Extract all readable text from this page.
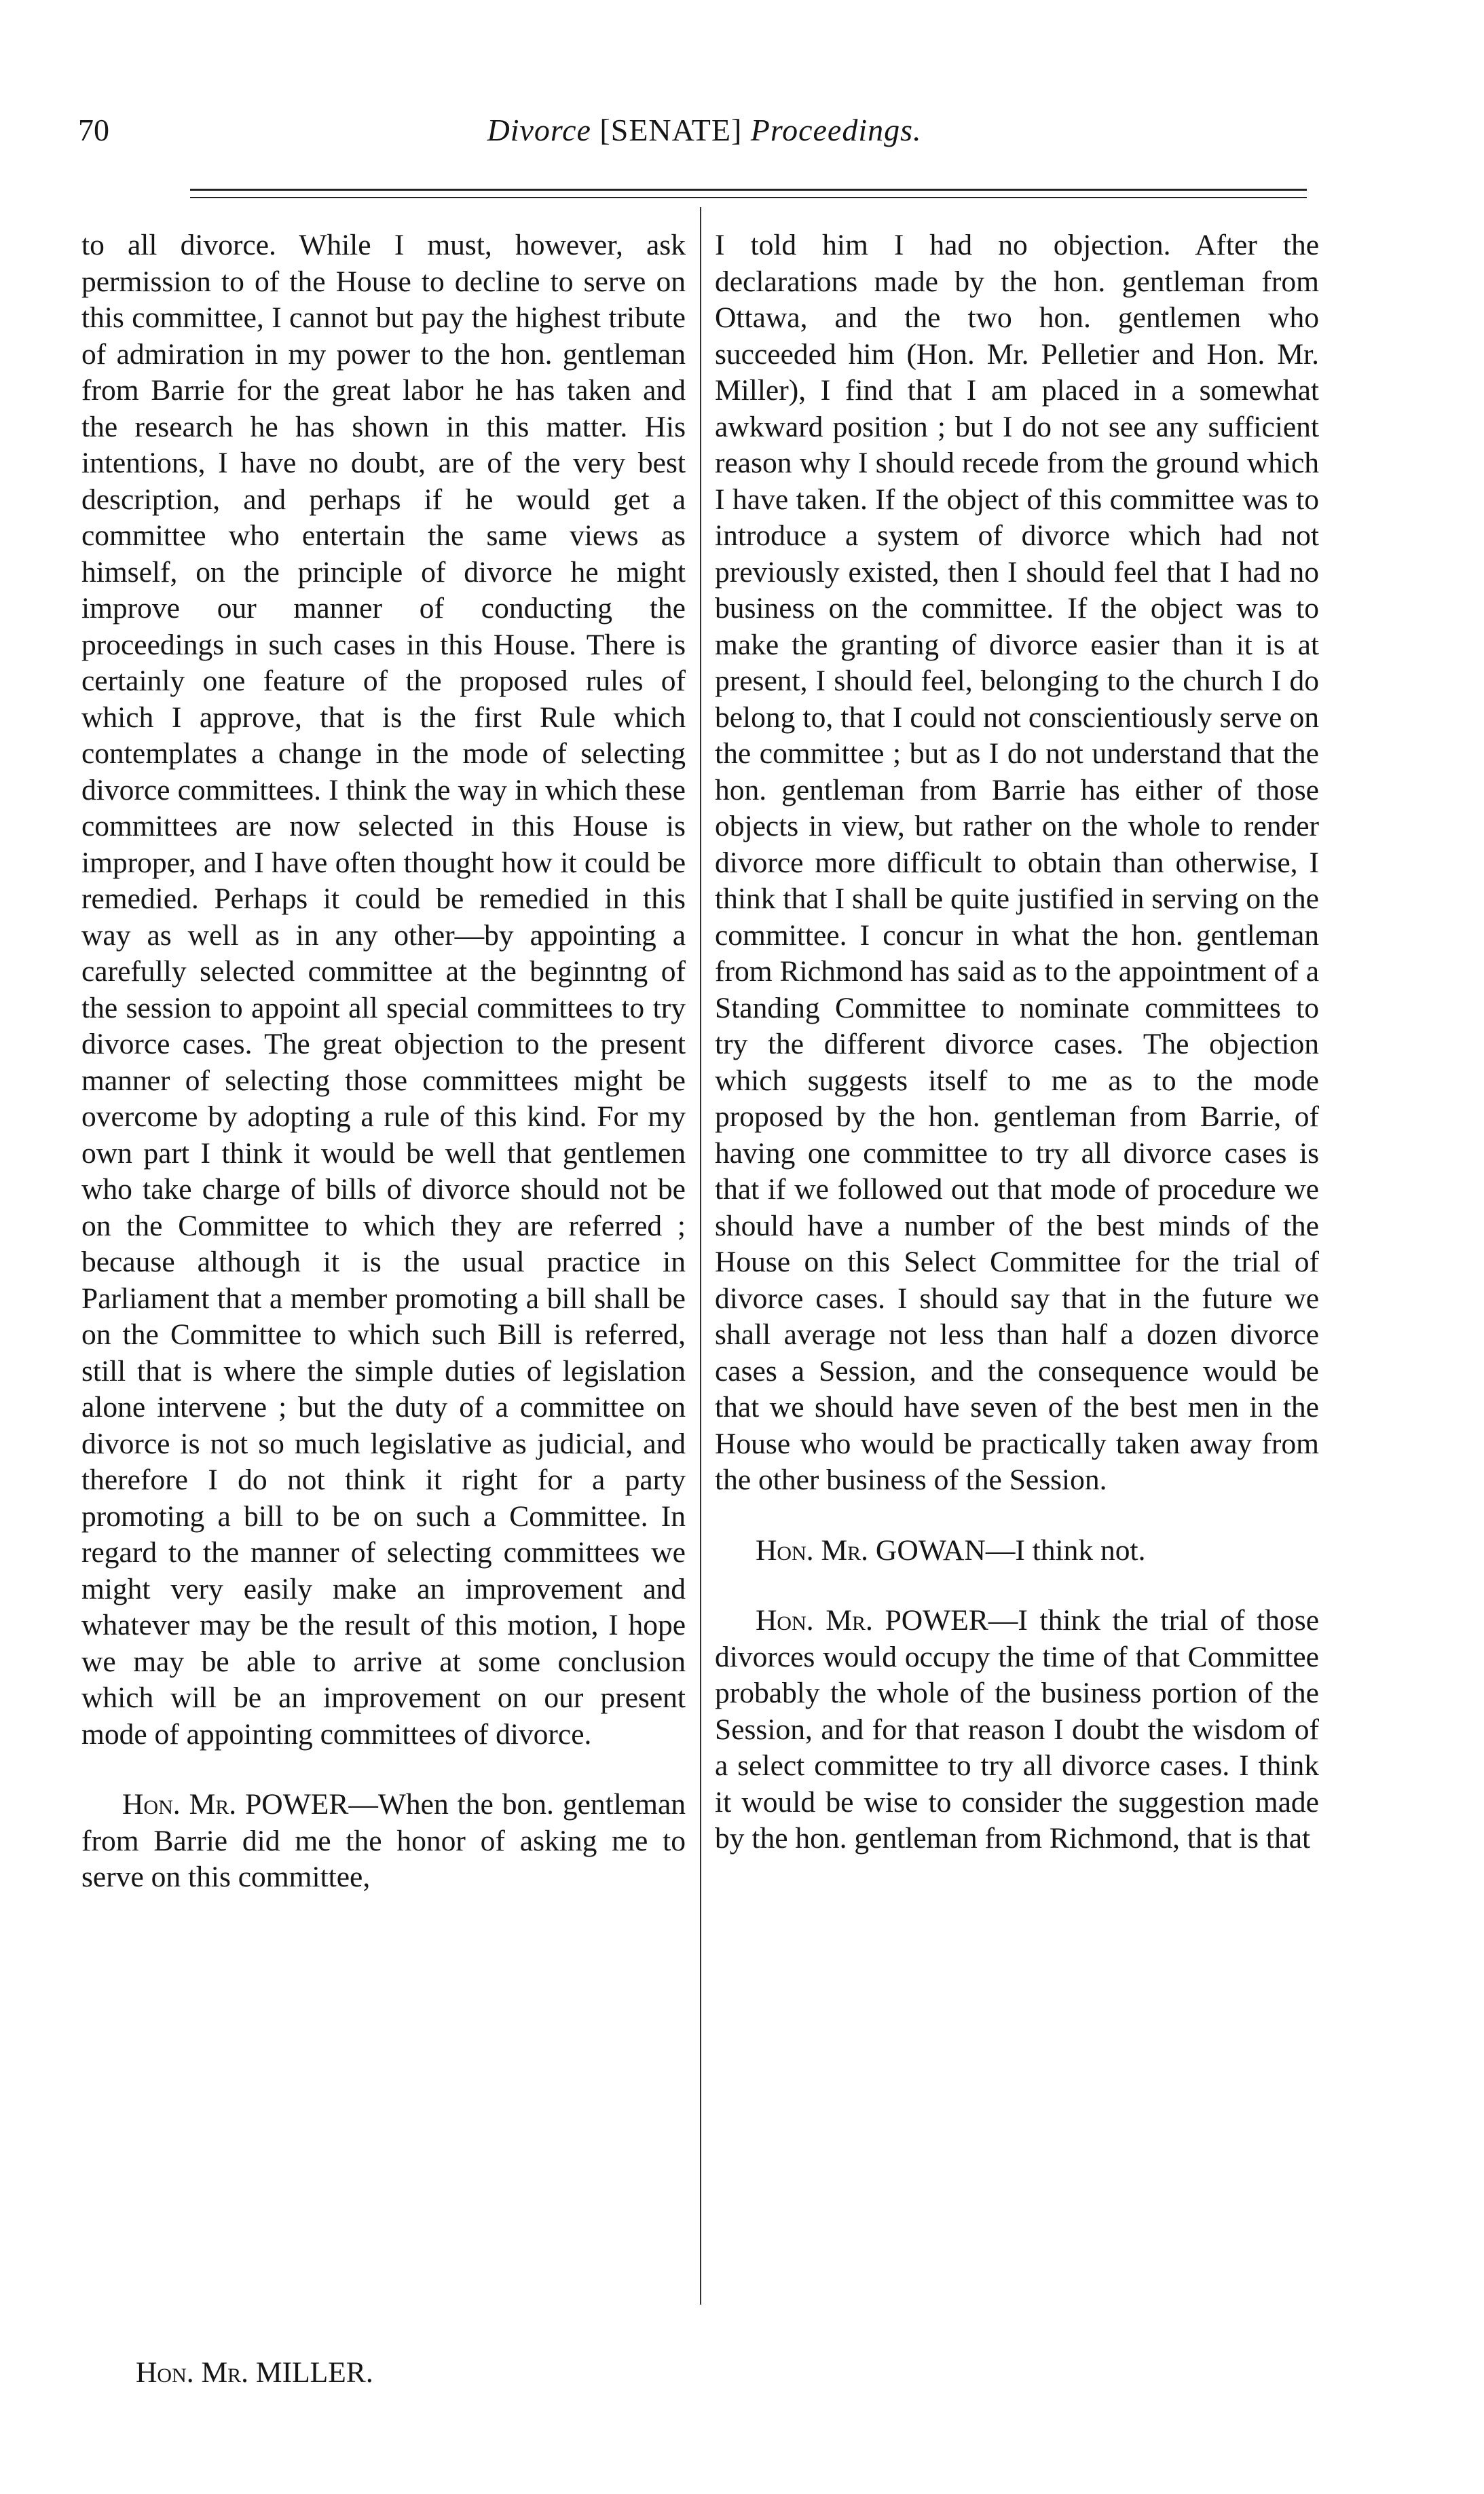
70	Divorce [SENATE] Proceedings.

to all divorce. While I must, however, ask permission to of the House to decline to serve on this committee, I cannot but pay the highest tribute of admiration in my power to the hon. gentleman from Barrie for the great labor he has taken and the research he has shown in this matter. His intentions, I have no doubt, are of the very best description, and perhaps if he would get a committee who entertain the same views as himself, on the principle of divorce he might improve our manner of conducting the proceedings in such cases in this House. There is certainly one feature of the proposed rules of which I approve, that is the first Rule which contemplates a change in the mode of selecting divorce committees. I think the way in which these committees are now selected in this House is improper, and I have often thought how it could be remedied. Perhaps it could be remedied in this way as well as in any other—by appointing a carefully selected committee at the beginntng of the session to appoint all special committees to try divorce cases. The great objection to the present manner of selecting those committees might be overcome by adopting a rule of this kind. For my own part I think it would be well that gentlemen who take charge of bills of divorce should not be on the Committee to which they are referred ; because although it is the usual practice in Parliament that a member promoting a bill shall be on the Committee to which such Bill is referred, still that is where the simple duties of legislation alone intervene ; but the duty of a committee on divorce is not so much legislative as judicial, and therefore I do not think it right for a party promoting a bill to be on such a Committee. In regard to the manner of selecting committees we might very easily make an improvement and whatever may be the result of this motion, I hope we may be able to arrive at some conclusion which will be an improvement on our present mode of appointing committees of divorce.

Hon. Mr. POWER—When the bon. gentleman from Barrie did me the honor of asking me to serve on this committee,

I told him I had no objection. After the declarations made by the hon. gentleman from Ottawa, and the two hon. gentlemen who succeeded him (Hon. Mr. Pelletier and Hon. Mr. Miller), I find that I am placed in a somewhat awkward position ; but I do not see any sufficient reason why I should recede from the ground which I have taken. If the object of this committee was to introduce a system of divorce which had not previously existed, then I should feel that I had no business on the committee. If the object was to make the granting of divorce easier than it is at present, I should feel, belonging to the church I do belong to, that I could not conscientiously serve on the committee ; but as I do not understand that the hon. gentleman from Barrie has either of those objects in view, but rather on the whole to render divorce more difficult to obtain than otherwise, I think that I shall be quite justified in serving on the committee. I concur in what the hon. gentleman from Richmond has said as to the appointment of a Standing Committee to nominate committees to try the different divorce cases. The objection which suggests itself to me as to the mode proposed by the hon. gentleman from Barrie, of having one committee to try all divorce cases is that if we followed out that mode of procedure we should have a number of the best minds of the House on this Select Committee for the trial of divorce cases. I should say that in the future we shall average not less than half a dozen divorce cases a Session, and the consequence would be that we should have seven of the best men in the House who would be practically taken away from the other business of the Session.

Hon. Mr. GOWAN—I think not.

Hon. Mr. POWER—I think the trial of those divorces would occupy the time of that Committee probably the whole of the business portion of the Session, and for that reason I doubt the wisdom of a select committee to try all divorce cases. I think it would be wise to consider the suggestion made by the hon. gentleman from Richmond, that is that

Hon. Mr. MILLER.
